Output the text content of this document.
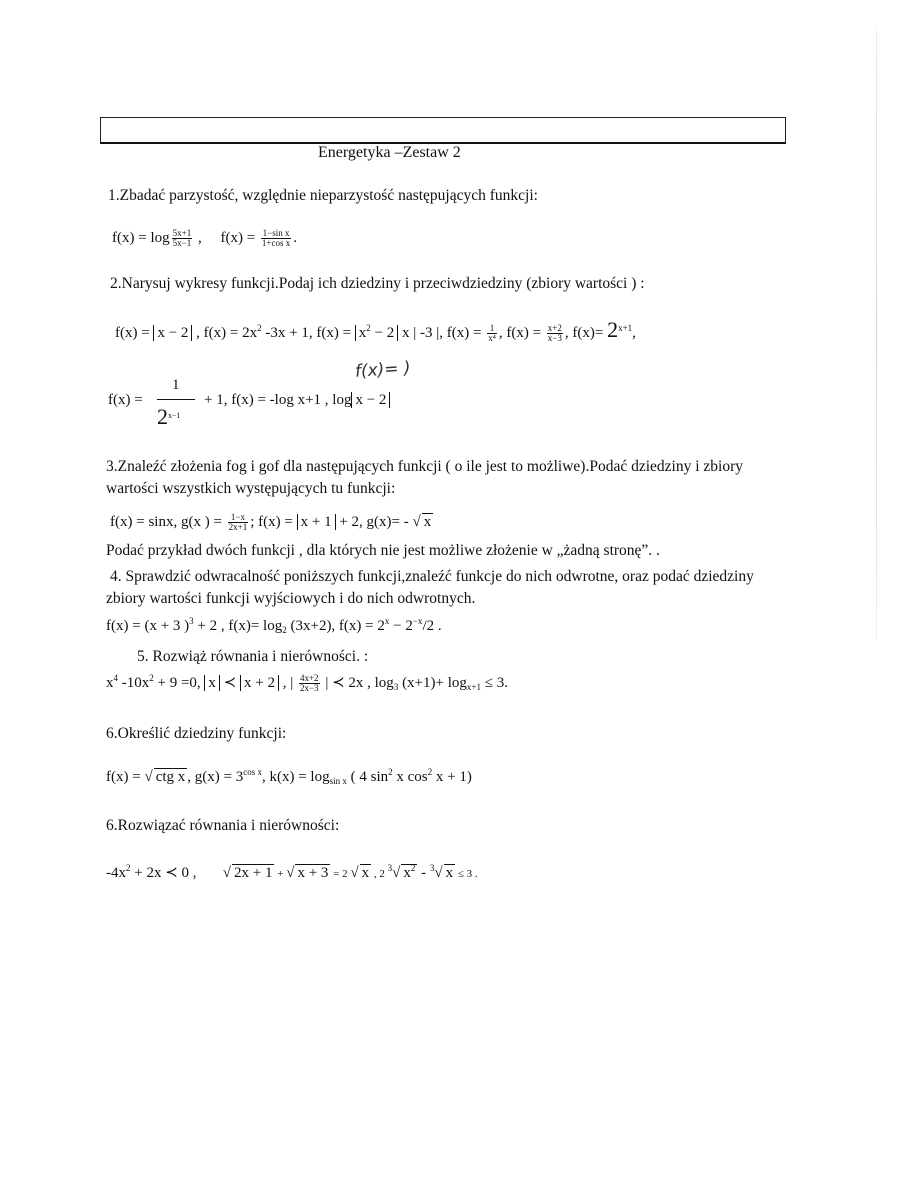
Energetyka –Zestaw 2
1.Zbadać parzystość, względnie nieparzystość następujących funkcji:
$f(x) = \log \frac{5x+1}{5x-1}$ , $f(x) = \frac{\text{1−sin x}}{\text{1+cos x}}$ .
2.Narysuj wykresy funkcji.Podaj ich dziedziny i przeciwdziedziny (zbiory wartości ) :
f(x) = x − 2 , $f(x) = 2x^2$ -3x + 1, $f(x) = x^2 - 2$ x | -3 |, $f(x) = \frac{1}{\text{x⁴}}$ , $f(x) = \frac{x+2}{x-3}$ , $f(x)= 2^{x+1}$,
f(x)= )
f(x) =
1
$2^{x-1}$
+ 1, f(x) = -log x+1 , log x − 2
3.Znaleźć złożenia fog i gof dla następujących funkcji ( o ile jest to możliwe).Podać dziedziny i zbiory
wartości wszystkich występujących tu funkcji:
f(x) = sinx, g(x ) = $\frac{1-x}{2x+1}$ ; f(x) = x + 1 + 2, g(x)= - √ x
Podać przykład dwóch funkcji , dla których nie jest możliwe złożenie w „żadną stronę”. .
4. Sprawdzić odwracalność poniższych funkcji,znaleźć funkcje do nich odwrotne, oraz podać dziedziny
zbiory wartości funkcji wyjściowych i do nich odwrotnych.
f(x) = (x + 3 )$^3$ + 2 , $f(x)= \log_2 (3x+2)$, $f(x) = 2^x - 2^{-x}/2$ .
5. Rozwiąż równania i nierówności. :
$x^4$ $-10x^2 + 9 =0$, x ≺ x + 2 , | $\frac{4x+2}{2x-3}$ | ≺ 2x , $\log_3 (x+1)+ \log_{x+1} \le 3$.
6.Określić dziedziny funkcji:
f(x) = √ ctg x , $g(x) = 3^{cos x}$, $k(x) = \log_{sin x}$ ( 4 $\sin^2 x$ $\cos^2 x + 1$)
6.Rozwiązać równania i nierówności:
$-4x^2 + 2x$ ≺ 0 ,       √ 2x + 1 + √ x + 3 = 2 √ x , 2 $^3$√ $x^2 - ^3√$ x ≤ 3 .
